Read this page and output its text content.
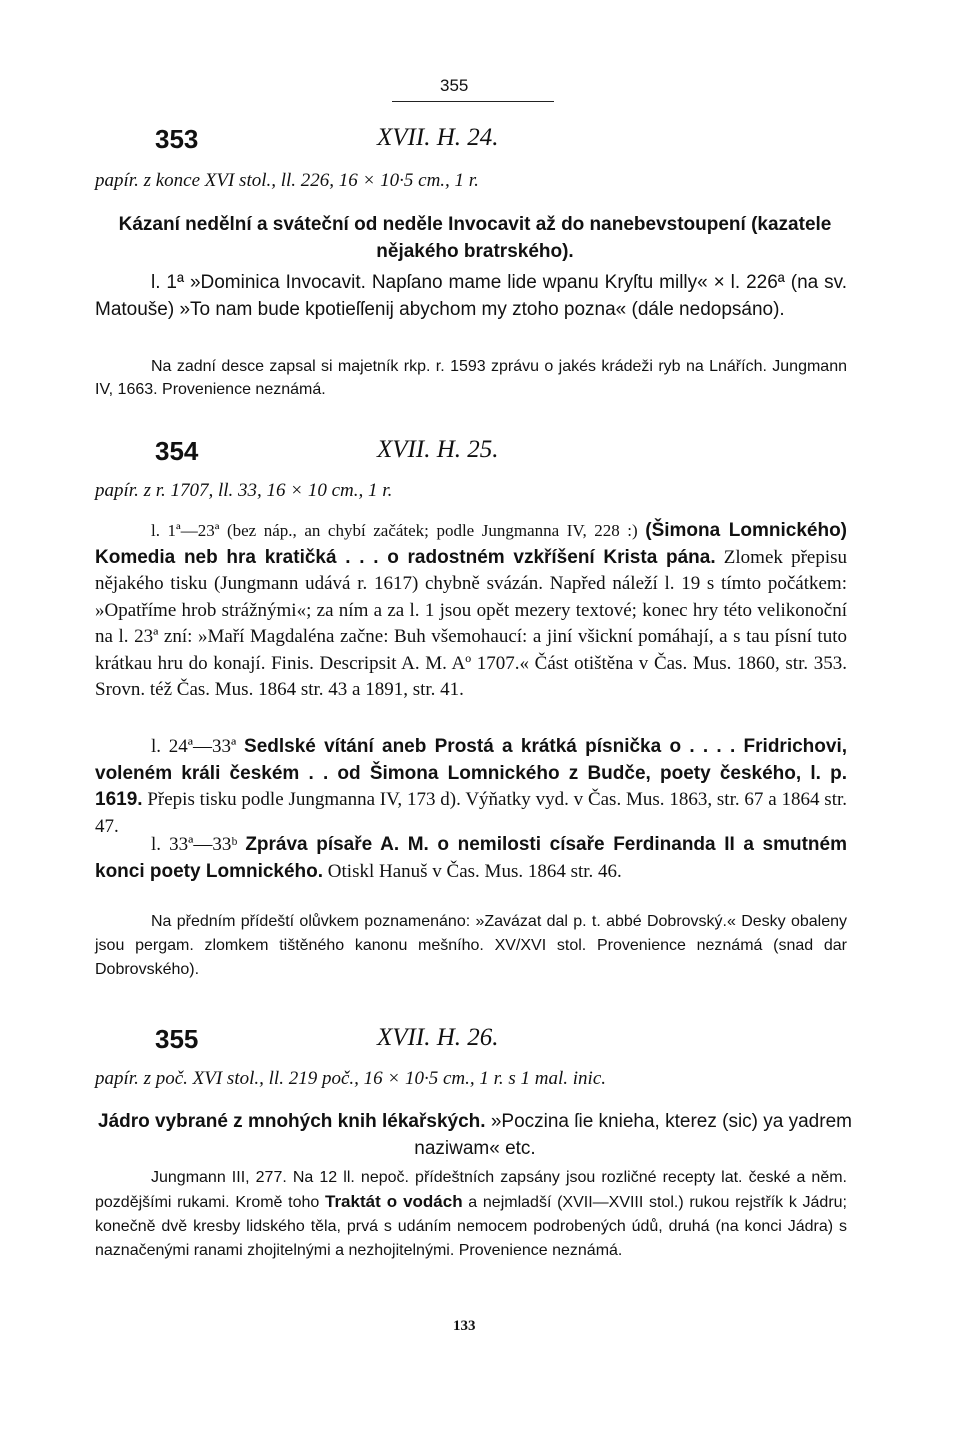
355
353	XVII. H. 24.
papír. z konce XVI stol., ll. 226, 16 × 10·5 cm., 1 r.
Kázaní nedělní a sváteční od neděle Invocavit až do nanebevstoupení (kazatele nějakého bratrského).
l. 1ª »Dominica Invocavit. Napſano mame lide wpanu Kryſtu milly« × l. 226ª (na sv. Matouše) »To nam bude kpotieſſenij abychom my ztoho pozna« (dále nedopsáno).
Na zadní desce zapsal si majetník rkp. r. 1593 zprávu o jakés krádeži ryb na Lnářích. Jungmann IV, 1663. Provenience neznámá.
354	XVII. H. 25.
papír. z r. 1707, ll. 33, 16 × 10 cm., 1 r.
l. 1ª—23ª (bez náp., an chybí začátek; podle Jungmanna IV, 228 :) (Šimona Lomnického) Komedia neb hra kratičká . . . o radostném vzkříšení Krista pána. Zlomek přepisu nějakého tisku (Jungmann udává r. 1617) chybně svázán. Napřed náleží l. 19 s tímto počátkem: »Opatříme hrob strážnými«; za ním a za l. 1 jsou opět mezery textové; konec hry této velikonoční na l. 23ª zní: »Maří Magdaléna začne: Buh všemohaucí: a jiní všicknί pomáhají, a s tau písní tuto krátkau hru do konají. Finis. Descripsit A. M. Aº 1707.« Část otištěna v Čas. Mus. 1860, str. 353. Srovn. též Čas. Mus. 1864 str. 43 a 1891, str. 41.
l. 24ª—33ª Sedlské vítání aneb Prostá a krátká písnička o . . . . Fridrichovi, voleném králi českém . . od Šimona Lomnického z Budče, poety českého, l. p. 1619. Přepis tisku podle Jungmanna IV, 173 d). Výňatky vyd. v Čas. Mus. 1863, str. 67 a 1864 str. 47.
l. 33ª—33ᵇ Zpráva písaře A. M. o nemilosti císaře Ferdinanda II a smutném konci poety Lomnického. Otiskl Hanuš v Čas. Mus. 1864 str. 46.
Na předním přídeští olůvkem poznamenáno: »Zavázat dal p. t. abbé Dobrovský.« Desky obaleny jsou pergam. zlomkem tištěného kanonu mešního. XV/XVI stol. Provenience neznámá (snad dar Dobrovského).
355	XVII. H. 26.
papír. z poč. XVI stol., ll. 219 poč., 16 × 10·5 cm., 1 r. s 1 mal. inic.
Jádro vybrané z mnohých knih lékařských. »Poczina ſie knieha, kterez (sic) ya yadrem naziwam« etc.
Jungmann III, 277. Na 12 ll. nepoč. přídeštních zapsány jsou rozličné recepty lat. české a něm. pozdějšími rukami. Kromě toho Traktát o vodách a nejmladší (XVII—XVIII stol.) rukou rejstřík k Jádru; konečně dvě kresby lidského těla, prvá s udáním nemocem podrobených údů, druhá (na konci Jádra) s naznačenými ranami zhojitelnými a nezhojitelnými. Provenience neznámá.
133
